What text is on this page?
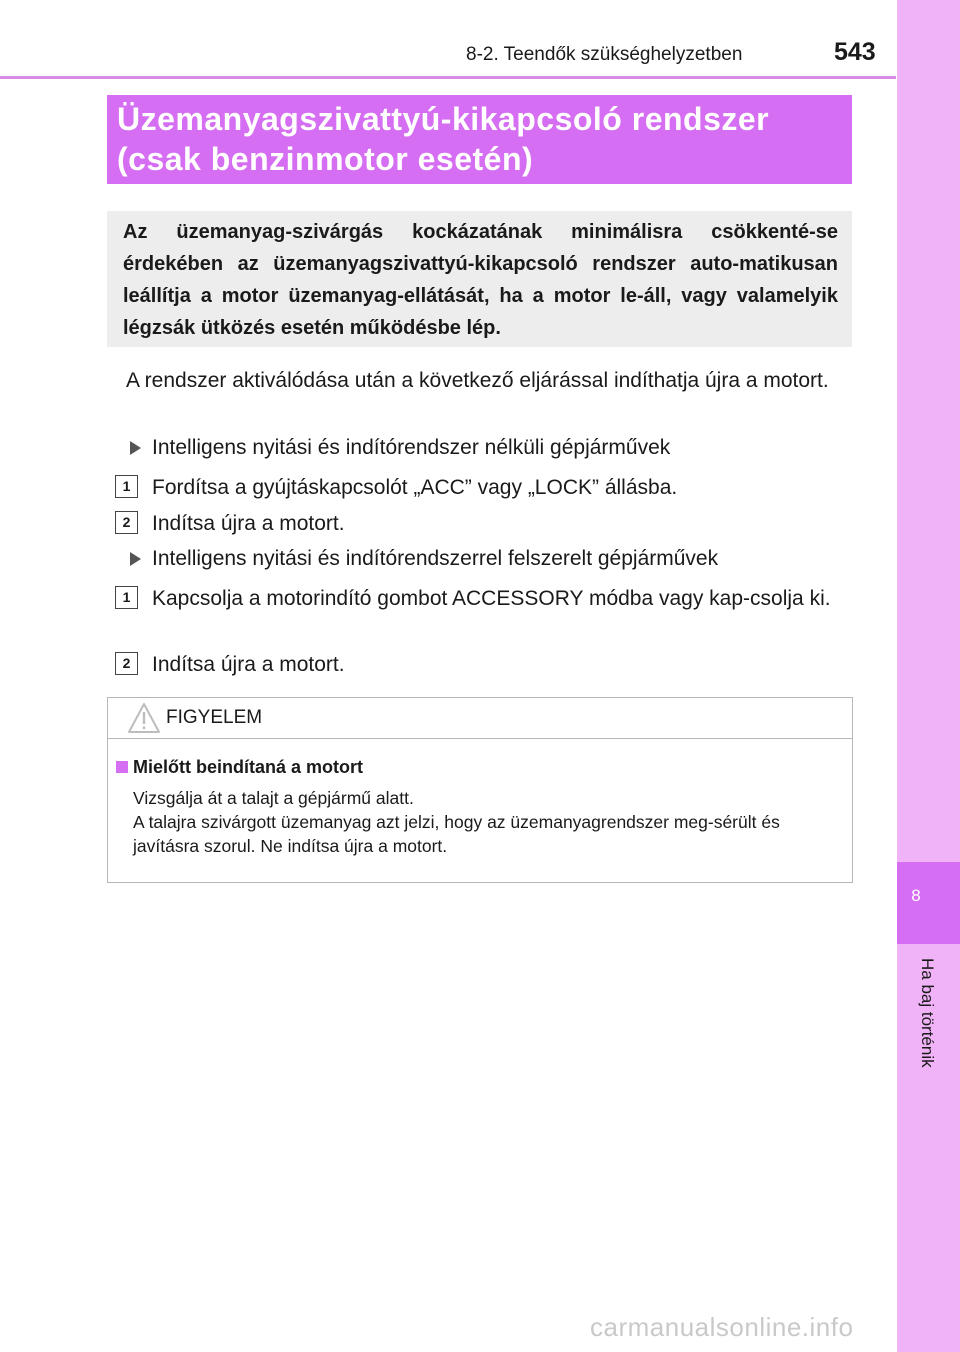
8-2. Teendők szükséghelyzetben	543
8
Ha baj történik
Üzemanyagszivattyú-kikapcsoló rendszer
(csak benzinmotor esetén)
Az üzemanyag-szivárgás kockázatának minimálisra csökkenté-se érdekében az üzemanyagszivattyú-kikapcsoló rendszer auto-matikusan leállítja a motor üzemanyag-ellátását, ha a motor le-áll, vagy valamelyik légzsák ütközés esetén működésbe lép.
A rendszer aktiválódása után a következő eljárással indíthatja újra a motort.
Intelligens nyitási és indítórendszer nélküli gépjárművek
1	Fordítsa a gyújtáskapcsolót „ACC” vagy „LOCK” állásba.
2	Indítsa újra a motort.
Intelligens nyitási és indítórendszerrel felszerelt gépjárművek
1	Kapcsolja a motorindító gombot ACCESSORY módba vagy kap-csolja ki.
2	Indítsa újra a motort.
FIGYELEM
Mielőtt beindítaná a motort
Vizsgálja át a talajt a gépjármű alatt.
A talajra szivárgott üzemanyag azt jelzi, hogy az üzemanyagrendszer meg-sérült és javításra szorul. Ne indítsa újra a motort.
carmanualsonline.info
